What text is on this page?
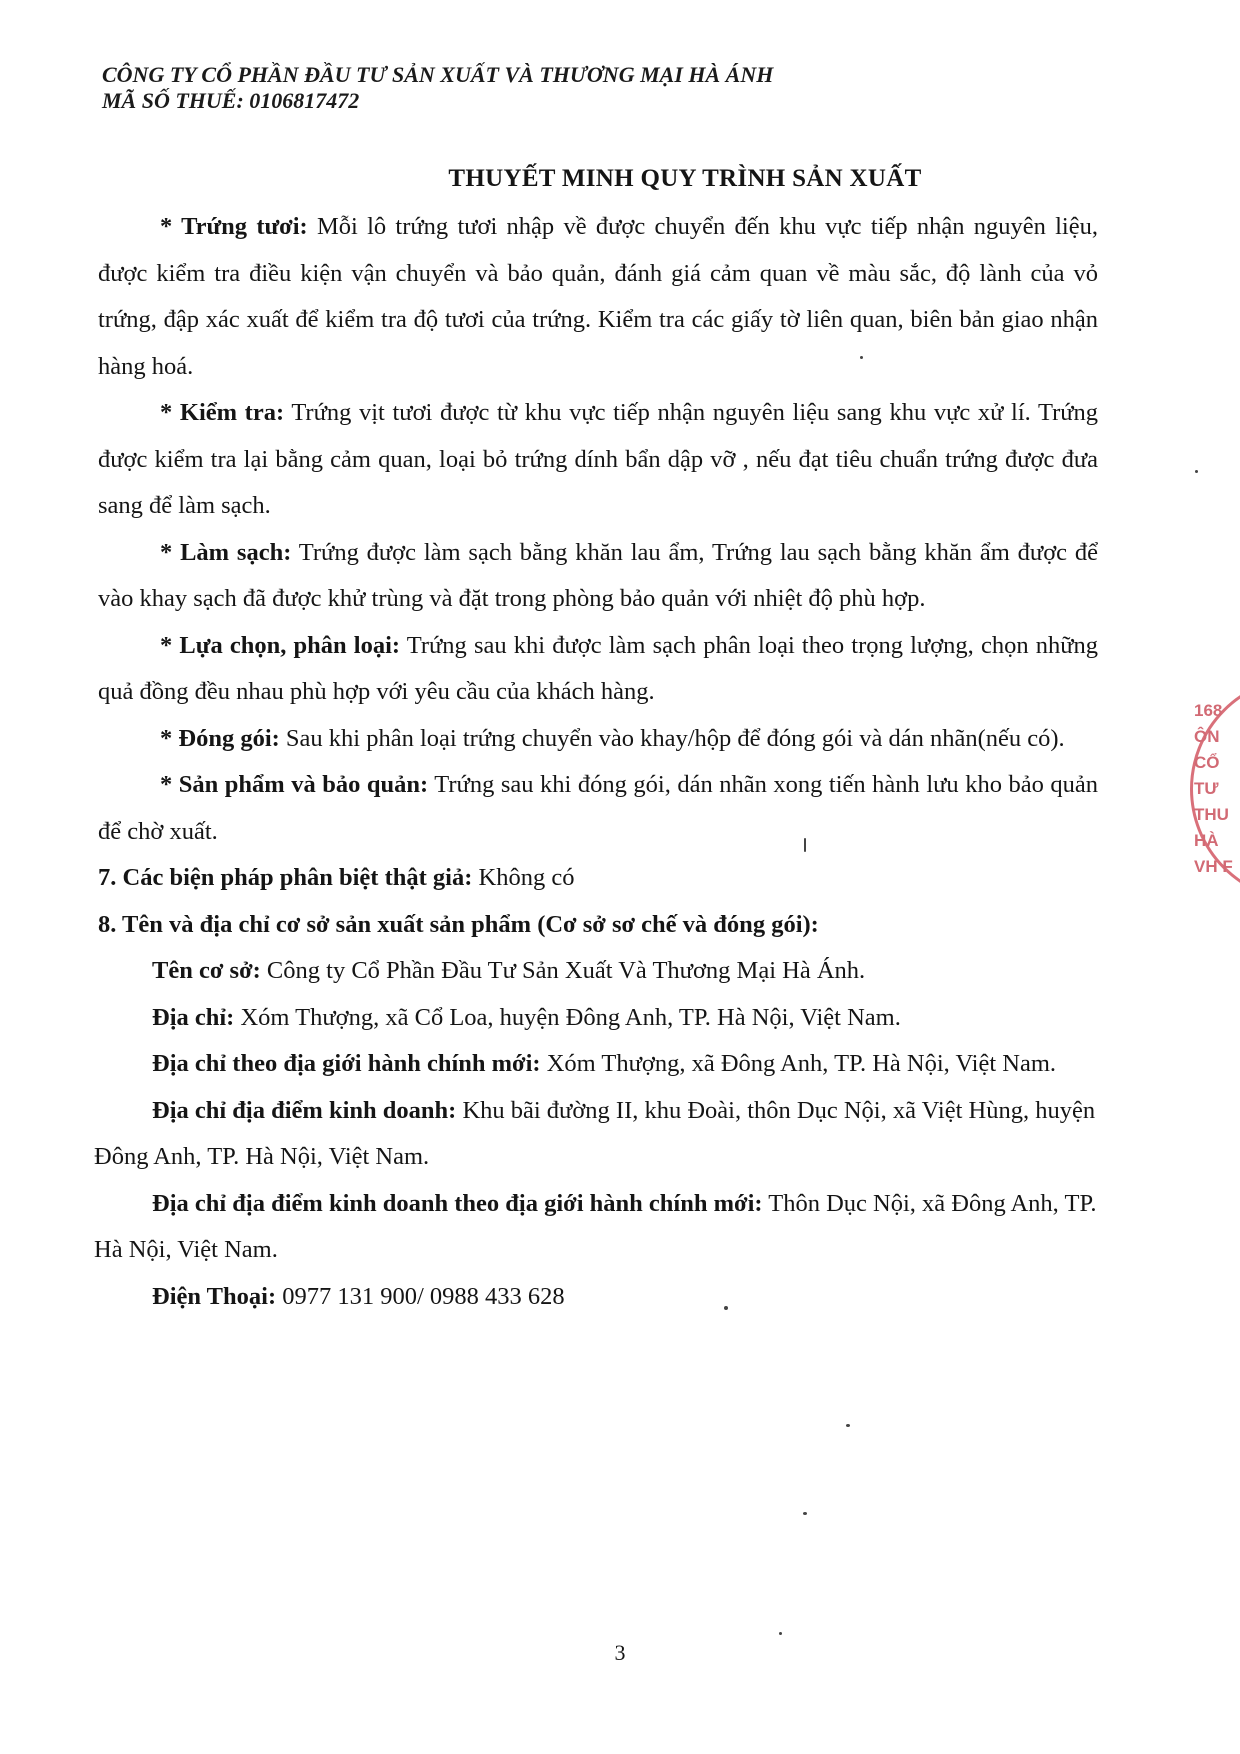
CÔNG TY CỔ PHẦN ĐẦU TƯ SẢN XUẤT VÀ THƯƠNG MẠI HÀ ÁNH
MÃ SỐ THUẾ: 0106817472
THUYẾT MINH QUY TRÌNH SẢN XUẤT

* Trứng tươi: Mỗi lô trứng tươi nhập về được chuyển đến khu vực tiếp nhận nguyên liệu, được kiểm tra điều kiện vận chuyển và bảo quản, đánh giá cảm quan về màu sắc, độ lành của vỏ trứng, đập xác xuất để kiểm tra độ tươi của trứng. Kiểm tra các giấy tờ liên quan, biên bản giao nhận hàng hoá.

* Kiểm tra: Trứng vịt tươi được từ khu vực tiếp nhận nguyên liệu sang khu vực xử lí. Trứng được kiểm tra lại bằng cảm quan, loại bỏ trứng dính bẩn dập vỡ , nếu đạt tiêu chuẩn trứng được đưa sang để làm sạch.

* Làm sạch: Trứng được làm sạch bằng khăn lau ẩm, Trứng lau sạch bằng khăn ẩm được để vào khay sạch đã được khử trùng và đặt trong phòng bảo quản với nhiệt độ phù hợp.

* Lựa chọn, phân loại: Trứng sau khi được làm sạch phân loại theo trọng lượng, chọn những quả đồng đều nhau phù hợp với yêu cầu của khách hàng.

* Đóng gói: Sau khi phân loại trứng chuyển vào khay/hộp để đóng gói và dán nhãn(nếu có).

* Sản phẩm và bảo quản: Trứng sau khi đóng gói, dán nhãn xong tiến hành lưu kho bảo quản để chờ xuất.

7. Các biện pháp phân biệt thật giả: Không có

8. Tên và địa chỉ cơ sở sản xuất sản phẩm (Cơ sở sơ chế và đóng gói):

Tên cơ sở: Công ty Cổ Phần Đầu Tư Sản Xuất Và Thương Mại Hà Ánh.

Địa chỉ: Xóm Thượng, xã Cổ Loa, huyện Đông Anh, TP. Hà Nội, Việt Nam.

Địa chỉ theo địa giới hành chính mới: Xóm Thượng, xã Đông Anh, TP. Hà Nội, Việt Nam.

Địa chỉ địa điểm kinh doanh: Khu bãi đường II, khu Đoài, thôn Dục Nội, xã Việt Hùng, huyện Đông Anh, TP. Hà Nội, Việt Nam.

Địa chỉ địa điểm kinh doanh theo địa giới hành chính mới: Thôn Dục Nội, xã Đông Anh, TP. Hà Nội, Việt Nam.

Điện Thoại: 0977 131 900/ 0988 433 628

3
168
ÔN
CỔ
TƯ
THU
HÀ
VH F
